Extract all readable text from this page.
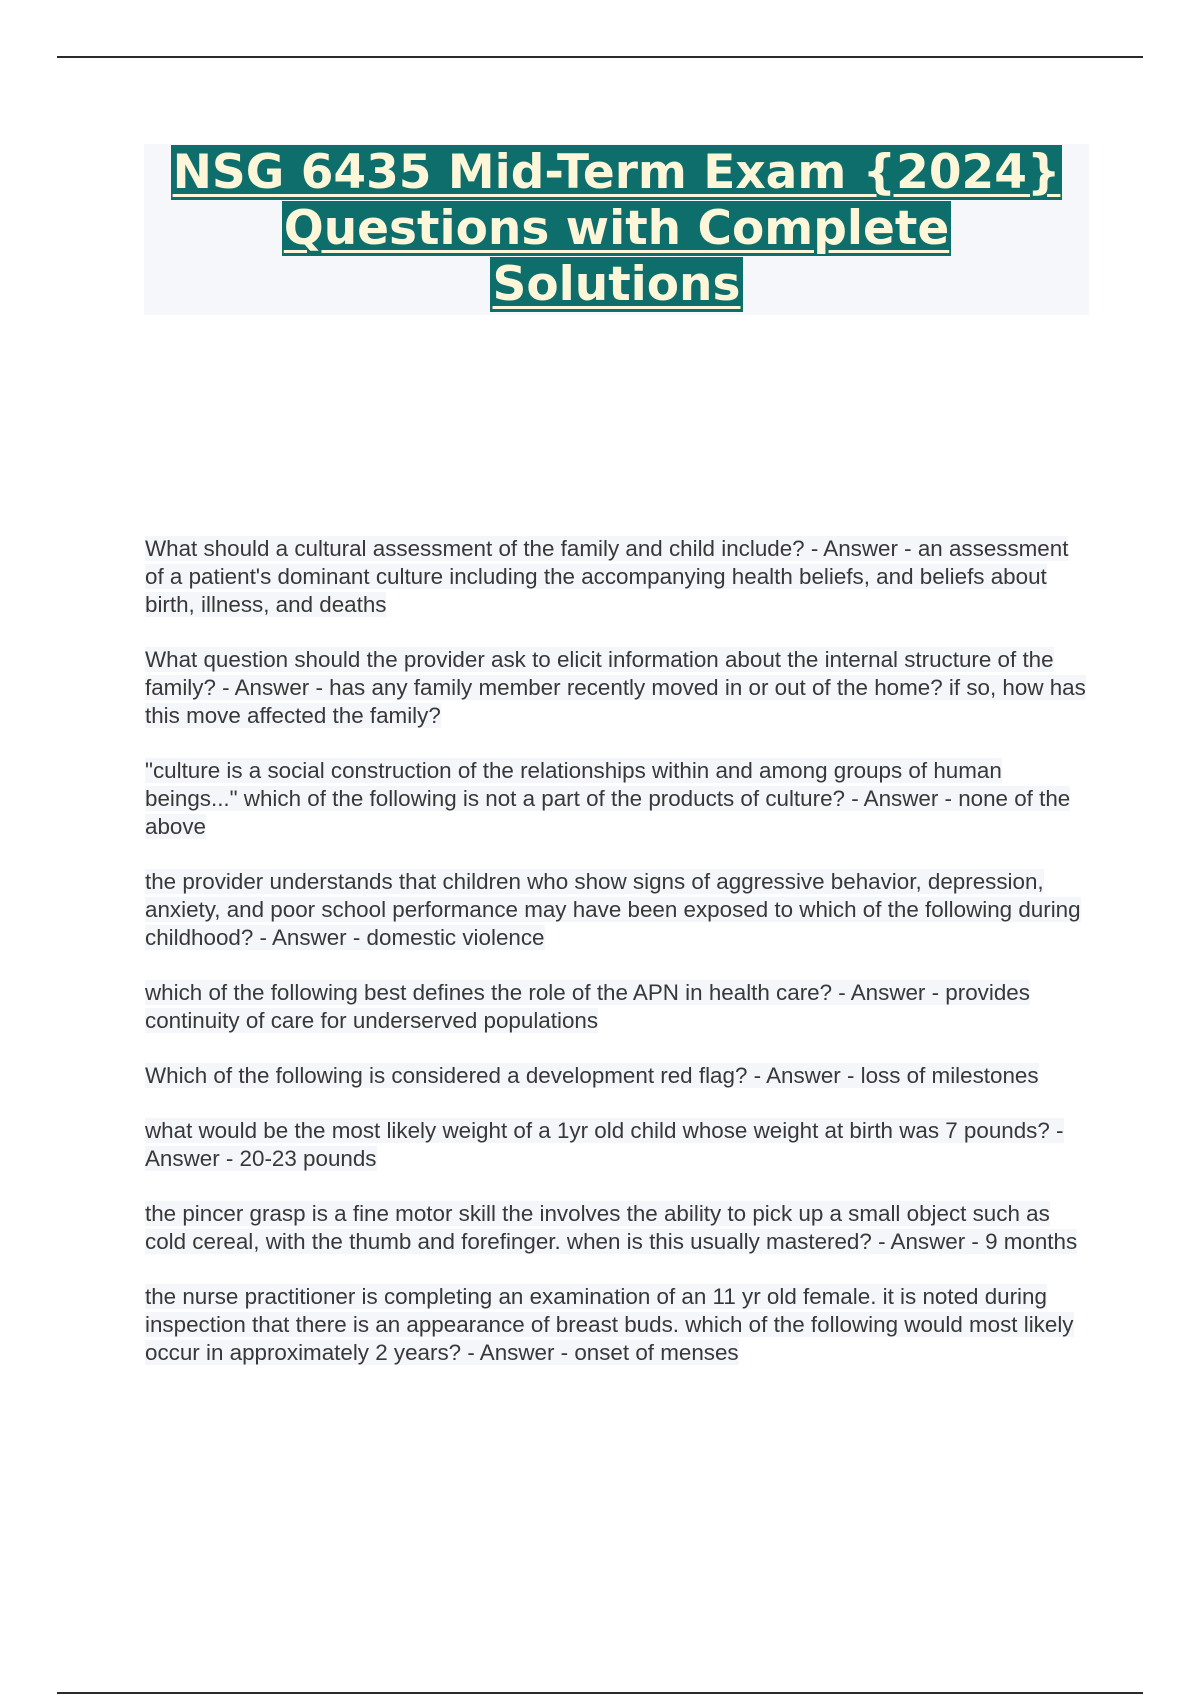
NSG 6435 Mid-Term Exam {2024}
Questions with Complete
Solutions

What should a cultural assessment of the family and child include? - Answer - an assessment of a patient's dominant culture including the accompanying health beliefs, and beliefs about birth, illness, and deaths

What question should the provider ask to elicit information about the internal structure of the family? - Answer - has any family member recently moved in or out of the home? if so, how has this move affected the family?

"culture is a social construction of the relationships within and among groups of human beings..." which of the following is not a part of the products of culture? - Answer - none of the above

the provider understands that children who show signs of aggressive behavior, depression, anxiety, and poor school performance may have been exposed to which of the following during childhood? - Answer - domestic violence

which of the following best defines the role of the APN in health care? - Answer - provides continuity of care for underserved populations

Which of the following is considered a development red flag? - Answer - loss of milestones

what would be the most likely weight of a 1yr old child whose weight at birth was 7 pounds? - Answer - 20-23 pounds

the pincer grasp is a fine motor skill the involves the ability to pick up a small object such as cold cereal, with the thumb and forefinger. when is this usually mastered? - Answer - 9 months

the nurse practitioner is completing an examination of an 11 yr old female. it is noted during inspection that there is an appearance of breast buds. which of the following would most likely occur in approximately 2 years? - Answer - onset of menses
